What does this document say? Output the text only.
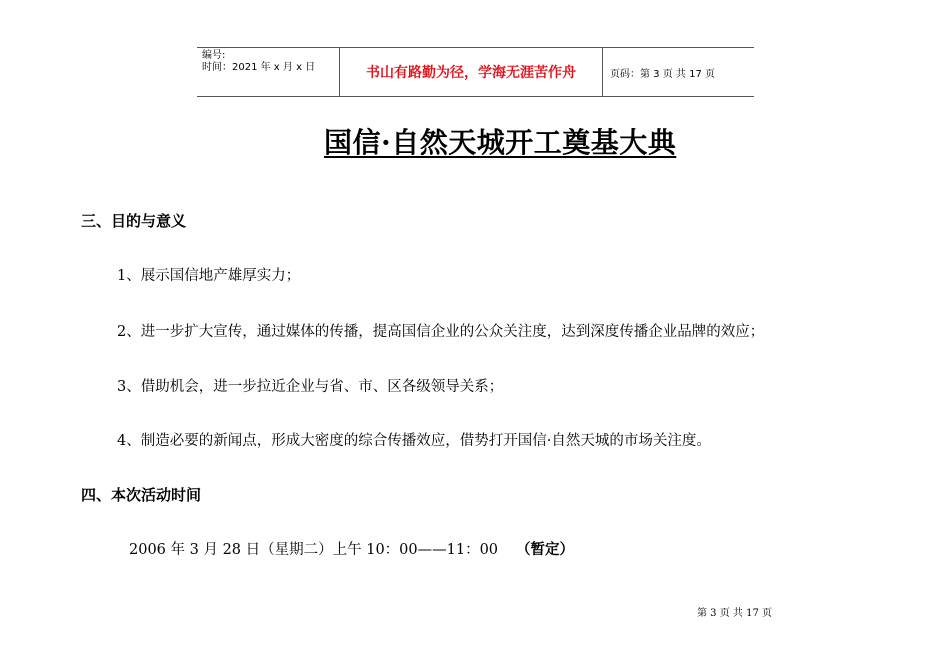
编号:
时间：2021 年 x 月 x 日	书山有路勤为径，学海无涯苦作舟	页码：第 3 页 共 17 页
国信·自然天城开工奠基大典
三、目的与意义
1、展示国信地产雄厚实力；
2、进一步扩大宣传，通过媒体的传播，提高国信企业的公众关注度，达到深度传播企业品牌的效应；
3、借助机会，进一步拉近企业与省、市、区各级领导关系；
4、制造必要的新闻点，形成大密度的综合传播效应，借势打开国信·自然天城的市场关注度。
四、本次活动时间
2006 年 3 月 28 日（星期二）上午 10：00——11：00 （暂定）
第 3 页 共 17 页
